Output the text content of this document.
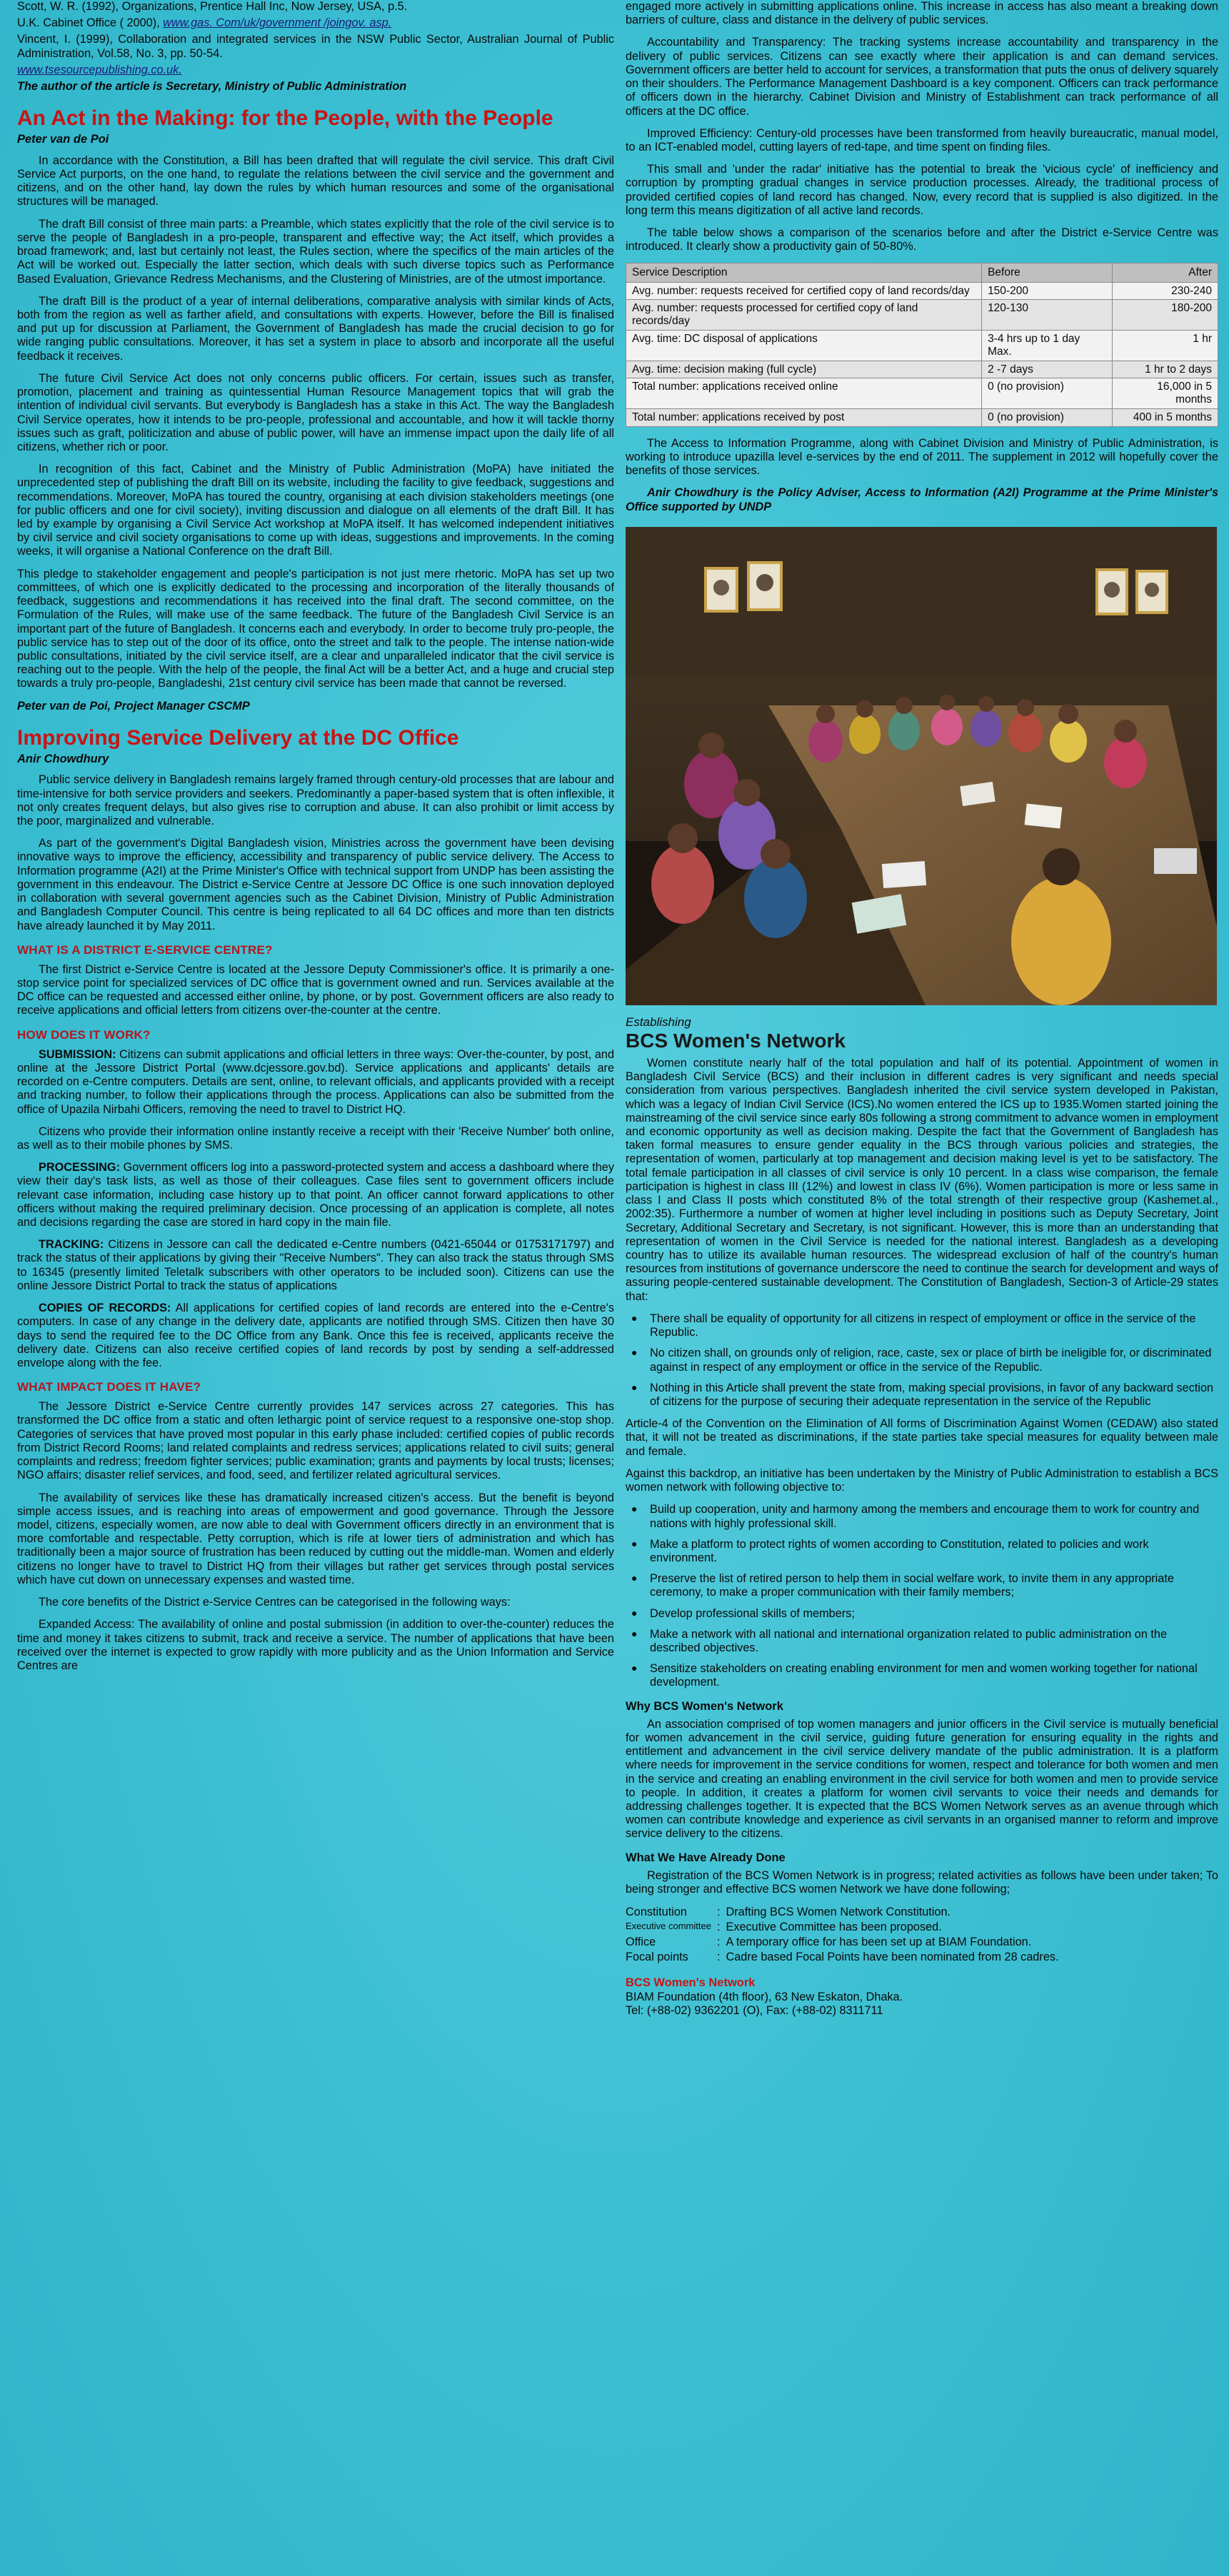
Scott, W. R. (1992), Organizations, Prentice Hall Inc, Now Jersey, USA, p.5.

U.K. Cabinet Office ( 2000), www.gas. Com/uk/government /joingov. asp.

Vincent, I. (1999), Collaboration and integrated services in the NSW Public Sector, Australian Journal of Public Administration, Vol.58, No. 3, pp. 50-54.

www.tsesourcepublishing.co.uk.

The author of the article is Secretary, Ministry of Public Administration

An Act in the Making: for the People, with the People

Peter van de Poi

In accordance with the Constitution, a Bill has been drafted that will regulate the civil service. This draft Civil Service Act purports, on the one hand, to regulate the relations between the civil service and the government and citizens, and on the other hand, lay down the rules by which human resources and some of the organisational structures will be managed.

The draft Bill consist of three main parts: a Preamble, which states explicitly that the role of the civil service is to serve the people of Bangladesh in a pro-people, transparent and effective way; the Act itself, which provides a broad framework; and, last but certainly not least, the Rules section, where the specifics of the main articles of the Act will be worked out. Especially the latter section, which deals with such diverse topics such as Performance Based Evaluation, Grievance Redress Mechanisms, and the Clustering of Ministries, are of the utmost importance.

The draft Bill is the product of a year of internal deliberations, comparative analysis with similar kinds of Acts, both from the region as well as farther afield, and consultations with experts. However, before the Bill is finalised and put up for discussion at Parliament, the Government of Bangladesh has made the crucial decision to go for wide ranging public consultations. Moreover, it has set a system in place to absorb and incorporate all the useful feedback it receives.

The future Civil Service Act does not only concerns public officers. For certain, issues such as transfer, promotion, placement and training as quintessential Human Resource Management topics that will grab the intention of individual civil servants. But everybody is Bangladesh has a stake in this Act. The way the Bangladesh Civil Service operates, how it intends to be pro-people, professional and accountable, and how it will tackle thorny issues such as graft, politicization and abuse of public power, will have an immense impact upon the daily life of all citizens, whether rich or poor.

In recognition of this fact, Cabinet and the Ministry of Public Administration (MoPA) have initiated the unprecedented step of publishing the draft Bill on its website, including the facility to give feedback, suggestions and recommendations. Moreover, MoPA has toured the country, organising at each division stakeholders meetings (one for public officers and one for civil society), inviting discussion and dialogue on all elements of the draft Bill. It has led by example by organising a Civil Service Act workshop at MoPA itself. It has welcomed independent initiatives by civil service and civil society organisations to come up with ideas, suggestions and improvements. In the coming weeks, it will organise a National Conference on the draft Bill.

This pledge to stakeholder engagement and people's participation is not just mere rhetoric. MoPA has set up two committees, of which one is explicitly dedicated to the processing and incorporation of the literally thousands of feedback, suggestions and recommendations it has received into the final draft. The second committee, on the Formulation of the Rules, will make use of the same feedback. The future of the Bangladesh Civil Service is an important part of the future of Bangladesh. It concerns each and everybody. In order to become truly pro-people, the public service has to step out of the door of its office, onto the street and talk to the people. The intense nation-wide public consultations, initiated by the civil service itself, are a clear and unparalleled indicator that the civil service is reaching out to the people. With the help of the people, the final Act will be a better Act, and a huge and crucial step towards a truly pro-people, Bangladeshi, 21st century civil service has been made that cannot be reversed.

Peter van de Poi, Project Manager CSCMP

Improving Service Delivery at the DC Office

Anir Chowdhury

Public service delivery in Bangladesh remains largely framed through century-old processes that are labour and time-intensive for both service providers and seekers. Predominantly a paper-based system that is often inflexible, it not only creates frequent delays, but also gives rise to corruption and abuse. It can also prohibit or limit access by the poor, marginalized and vulnerable.

As part of the government's Digital Bangladesh vision, Ministries across the government have been devising innovative ways to improve the efficiency, accessibility and transparency of public service delivery. The Access to Information programme (A2I) at the Prime Minister's Office with technical support from UNDP has been assisting the government in this endeavour. The District e-Service Centre at Jessore DC Office is one such innovation deployed in collaboration with several government agencies such as the Cabinet Division, Ministry of Public Administration and Bangladesh Computer Council. This centre is being replicated to all 64 DC offices and more than ten districts have already launched it by May 2011.

WHAT IS A DISTRICT E-SERVICE CENTRE?

The first District e-Service Centre is located at the Jessore Deputy Commissioner's office. It is primarily a one-stop service point for specialized services of DC office that is government owned and run. Services available at the DC office can be requested and accessed either online, by phone, or by post. Government officers are also ready to receive applications and official letters from citizens over-the-counter at the centre.

HOW DOES IT WORK?

SUBMISSION: Citizens can submit applications and official letters in three ways: Over-the-counter, by post, and online at the Jessore District Portal (www.dcjessore.gov.bd). Service applications and applicants' details are recorded on e-Centre computers. Details are sent, online, to relevant officials, and applicants provided with a receipt and tracking number, to follow their applications through the process. Applications can also be submitted from the office of Upazila Nirbahi Officers, removing the need to travel to District HQ.

Citizens who provide their information online instantly receive a receipt with their 'Receive Number' both online, as well as to their mobile phones by SMS.

PROCESSING: Government officers log into a password-protected system and access a dashboard where they view their day's task lists, as well as those of their colleagues. Case files sent to government officers include relevant case information, including case history up to that point. An officer cannot forward applications to other officers without making the required preliminary decision. Once processing of an application is complete, all notes and decisions regarding the case are stored in hard copy in the main file.

TRACKING: Citizens in Jessore can call the dedicated e-Centre numbers (0421-65044 or 01753171797) and track the status of their applications by giving their "Receive Numbers". They can also track the status through SMS to 16345 (presently limited Teletalk subscribers with other operators to be included soon). Citizens can use the online Jessore District Portal to track the status of applications

COPIES OF RECORDS: All applications for certified copies of land records are entered into the e-Centre's computers. In case of any change in the delivery date, applicants are notified through SMS. Citizen then have 30 days to send the required fee to the DC Office from any Bank. Once this fee is received, applicants receive the delivery date. Citizens can also receive certified copies of land records by post by sending a self-addressed envelope along with the fee.

WHAT IMPACT DOES IT HAVE?

The Jessore District e-Service Centre currently provides 147 services across 27 categories. This has transformed the DC office from a static and often lethargic point of service request to a responsive one-stop shop. Categories of services that have proved most popular in this early phase included: certified copies of public records from District Record Rooms; land related complaints and redress services; applications related to civil suits; general complaints and redress; freedom fighter services; public examination; grants and payments by local trusts; licenses; NGO affairs; disaster relief services, and food, seed, and fertilizer related agricultural services.

The availability of services like these has dramatically increased citizen's access. But the benefit is beyond simple access issues, and is reaching into areas of empowerment and good governance. Through the Jessore model, citizens, especially women, are now able to deal with Government officers directly in an environment that is more comfortable and respectable. Petty corruption, which is rife at lower tiers of administration and which has traditionally been a major source of frustration has been reduced by cutting out the middle-man. Women and elderly citizens no longer have to travel to District HQ from their villages but rather get services through postal services which have cut down on unnecessary expenses and wasted time.

The core benefits of the District e-Service Centres can be categorised in the following ways:

Expanded Access: The availability of online and postal submission (in addition to over-the-counter) reduces the time and money it takes citizens to submit, track and receive a service. The number of applications that have been received over the internet is expected to grow rapidly with more publicity and as the Union Information and Service Centres are

engaged more actively in submitting applications online. This increase in access has also meant a breaking down barriers of culture, class and distance in the delivery of public services.

Accountability and Transparency: The tracking systems increase accountability and transparency in the delivery of public services. Citizens can see exactly where their application is and can demand services. Government officers are better held to account for services, a transformation that puts the onus of delivery squarely on their shoulders. The Performance Management Dashboard is a key component. Officers can track performance of officers down in the hierarchy. Cabinet Division and Ministry of Establishment can track performance of all officers at the DC office.

Improved Efficiency: Century-old processes have been transformed from heavily bureaucratic, manual model, to an ICT-enabled model, cutting layers of red-tape, and time spent on finding files.

This small and 'under the radar' initiative has the potential to break the 'vicious cycle' of inefficiency and corruption by prompting gradual changes in service production processes. Already, the traditional process of provided certified copies of land record has changed. Now, every record that is supplied is also digitized. In the long term this means digitization of all active land records.

The table below shows a comparison of the scenarios before and after the District e-Service Centre was introduced. It clearly show a productivity gain of 50-80%.

Service Description	Before	After
Avg. number: requests received for certified copy of land records/day	150-200	230-240
Avg. number: requests processed for certified copy of land records/day	120-130	180-200
Avg. time: DC disposal of applications	3-4 hrs up to 1 day Max.	1 hr
Avg. time: decision making (full cycle)	2 -7 days	1 hr to 2 days
Total number: applications received online	0 (no provision)	16,000 in 5 months
Total number: applications received by post	0 (no provision)	400 in 5 months

The Access to Information Programme, along with Cabinet Division and Ministry of Public Administration, is working to introduce upazilla level e-services by the end of 2011. The supplement in 2012 will hopefully cover the benefits of those services.

Anir Chowdhury is the Policy Adviser, Access to Information (A2I) Programme at the Prime Minister's Office supported by UNDP

Establishing

BCS Women's Network

Women constitute nearly half of the total population and half of its potential. Appointment of women in Bangladesh Civil Service (BCS) and their inclusion in different cadres is very significant and needs special consideration from various perspectives. Bangladesh inherited the civil service system developed in Pakistan, which was a legacy of Indian Civil Service (ICS).No women entered the ICS up to 1935.Women started joining the mainstreaming of the civil service since early 80s following a strong commitment to advance women in employment and economic opportunity as well as decision making. Despite the fact that the Government of Bangladesh has taken formal measures to ensure gender equality in the BCS through various policies and strategies, the representation of women, particularly at top management and decision making level is yet to be satisfactory. The total female participation in all classes of civil service is only 10 percent. In a class wise comparison, the female participation is highest in class III (12%) and lowest in class IV (6%). Women participation is more or less same in class I and Class II posts which constituted 8% of the total strength of their respective group (Kashemet.al., 2002:35). Furthermore a number of women at higher level including in positions such as Deputy Secretary, Joint Secretary, Additional Secretary and Secretary, is not significant. However, this is more than an understanding that representation of women in the Civil Service is needed for the national interest. Bangladesh as a developing country has to utilize its available human resources. The widespread exclusion of half of the country's human resources from institutions of governance underscore the need to continue the search for development and ways of assuring people-centered sustainable development. The Constitution of Bangladesh, Section-3 of Article-29 states that:

● There shall be equality of opportunity for all citizens in respect of employment or office in the service of the Republic.
● No citizen shall, on grounds only of religion, race, caste, sex or place of birth be ineligible for, or discriminated against in respect of any employment or office in the service of the Republic.
● Nothing in this Article shall prevent the state from, making special provisions, in favor of any backward section of citizens for the purpose of securing their adequate representation in the service of the Republic

Article-4 of the Convention on the Elimination of All forms of Discrimination Against Women (CEDAW) also stated that, it will not be treated as discriminations, if the state parties take special measures for equality between male and female.

Against this backdrop, an initiative has been undertaken by the Ministry of Public Administration to establish a BCS women network with following objective to:

● Build up cooperation, unity and harmony among the members and encourage them to work for country and nations with highly professional skill.
● Make a platform to protect rights of women according to Constitution, related to policies and work environment.
● Preserve the list of retired person to help them in social welfare work, to invite them in any appropriate ceremony, to make a proper communication with their family members;
● Develop professional skills of members;
● Make a network with all national and international organization related to public administration on the described objectives.
● Sensitize stakeholders on creating enabling environment for men and women working together for national development.
Why BCS Women's Network

An association comprised of top women managers and junior officers in the Civil service is mutually beneficial for women advancement in the civil service, guiding future generation for ensuring equality in the rights and entitlement and advancement in the civil service delivery mandate of the public administration. It is a platform where needs for improvement in the service conditions for women, respect and tolerance for both women and men in the service and creating an enabling environment in the civil service for both women and men to provide service to people. In addition, it creates a platform for women civil servants to voice their needs and demands for addressing challenges together. It is expected that the BCS Women Network serves as an avenue through which women can contribute knowledge and experience as civil servants in an organised manner to reform and improve service delivery to the citizens.

What We Have Already Done

Registration of the BCS Women Network is in progress; related activities as follows have been under taken; To being stronger and effective BCS women Network we have done following;

Constitution	:	Drafting BCS Women Network Constitution.
Executive committee	:	Executive Committee has been proposed.
Office	:	A temporary office for has been set up at BIAM Foundation.
Focal points	:	Cadre based Focal Points have been nominated from 28 cadres.

BCS Women's Network

BIAM Foundation (4th floor), 63 New Eskaton, Dhaka.

Tel: (+88-02) 9362201 (O), Fax: (+88-02) 8311711
